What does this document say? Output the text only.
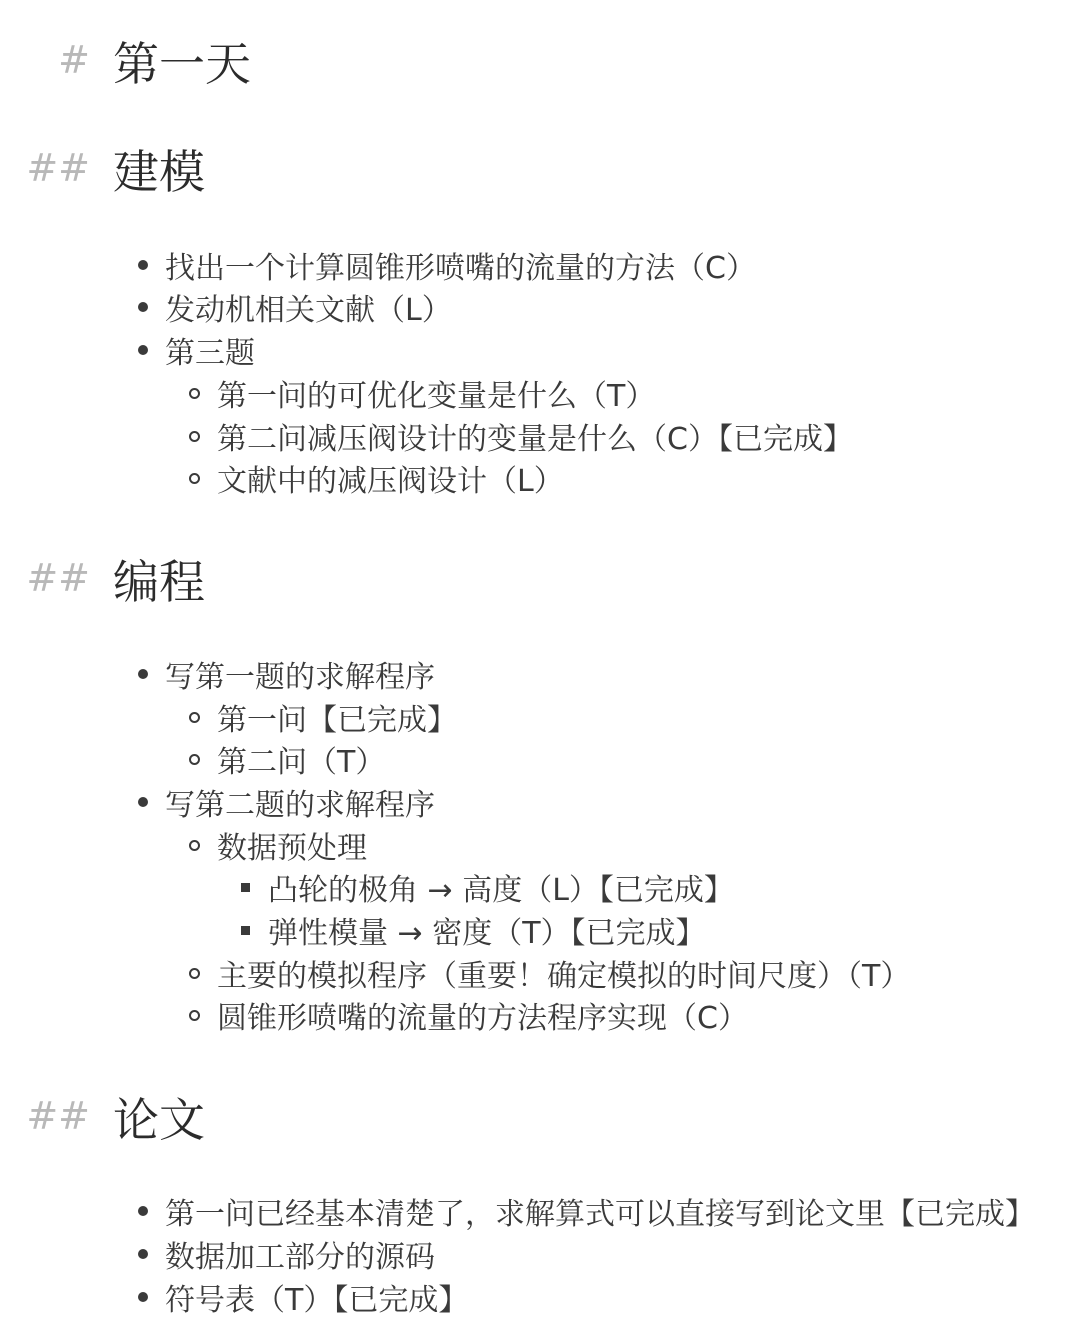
# 第一天
## 建模
找出一个计算圆锥形喷嘴的流量的方法（C）
发动机相关文献（L）
第三题
第一问的可优化变量是什么（T）
第二问减压阀设计的变量是什么（C）【已完成】
文献中的减压阀设计（L）
## 编程
写第一题的求解程序
第一问【已完成】
第二问（T）
写第二题的求解程序
数据预处理
凸轮的极角 → 高度（L）【已完成】
弹性模量 → 密度（T）【已完成】
主要的模拟程序（重要！确定模拟的时间尺度）（T）
圆锥形喷嘴的流量的方法程序实现（C）
## 论文
第一问已经基本清楚了，求解算式可以直接写到论文里【已完成】
数据加工部分的源码
符号表（T）【已完成】
